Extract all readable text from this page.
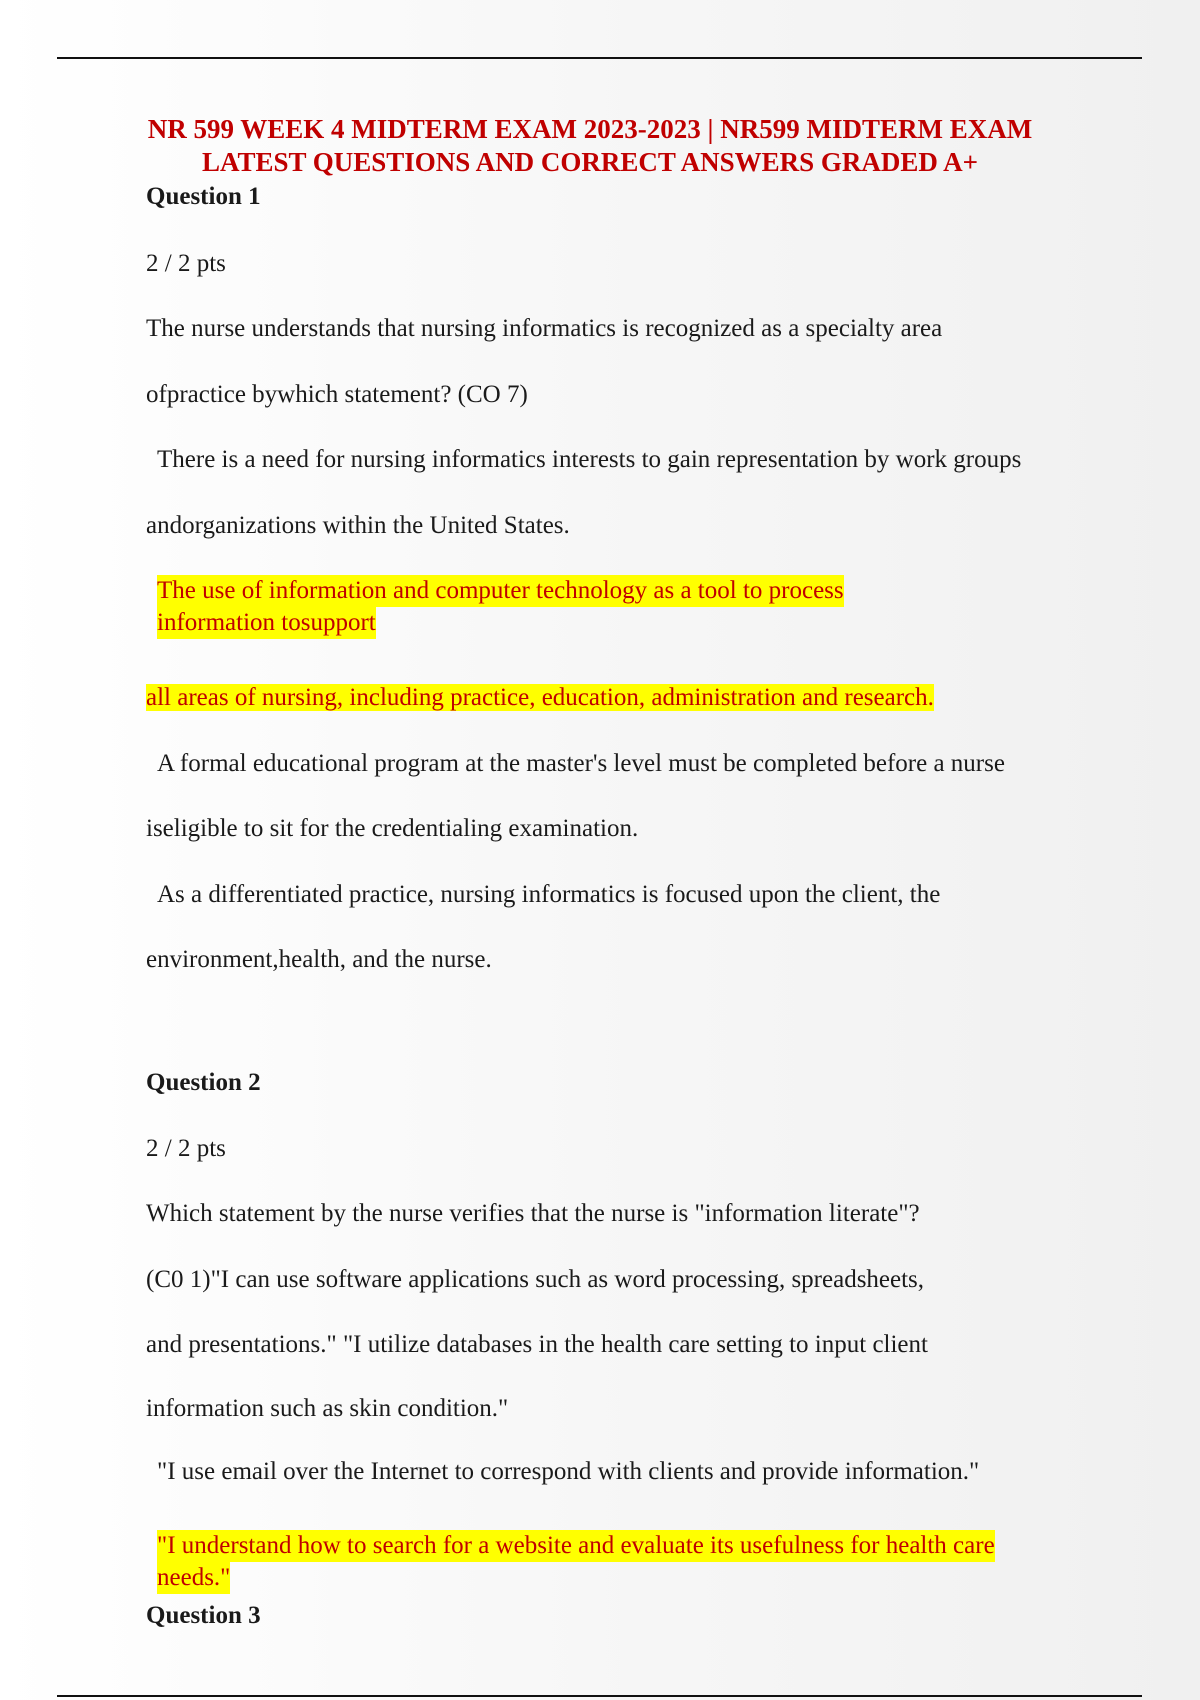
NR 599 WEEK 4 MIDTERM EXAM 2023-2023 | NR599 MIDTERM EXAM
LATEST QUESTIONS AND CORRECT ANSWERS GRADED A+
Question 1
2 / 2 pts
The nurse understands that nursing informatics is recognized as a specialty area
ofpractice bywhich statement? (CO 7)
There is a need for nursing informatics interests to gain representation by work groups
andorganizations within the United States.
The use of information and computer technology as a tool to process
information tosupport
all areas of nursing, including practice, education, administration and research.
A formal educational program at the master's level must be completed before a nurse
iseligible to sit for the credentialing examination.
As a differentiated practice, nursing informatics is focused upon the client, the
environment,health, and the nurse.
Question 2
2 / 2 pts
Which statement by the nurse verifies that the nurse is "information literate"?
(C0 1)"I can use software applications such as word processing, spreadsheets,
and presentations." "I utilize databases in the health care setting to input client
information such as skin condition."
"I use email over the Internet to correspond with clients and provide information."
"I understand how to search for a website and evaluate its usefulness for health care
needs."
Question 3
